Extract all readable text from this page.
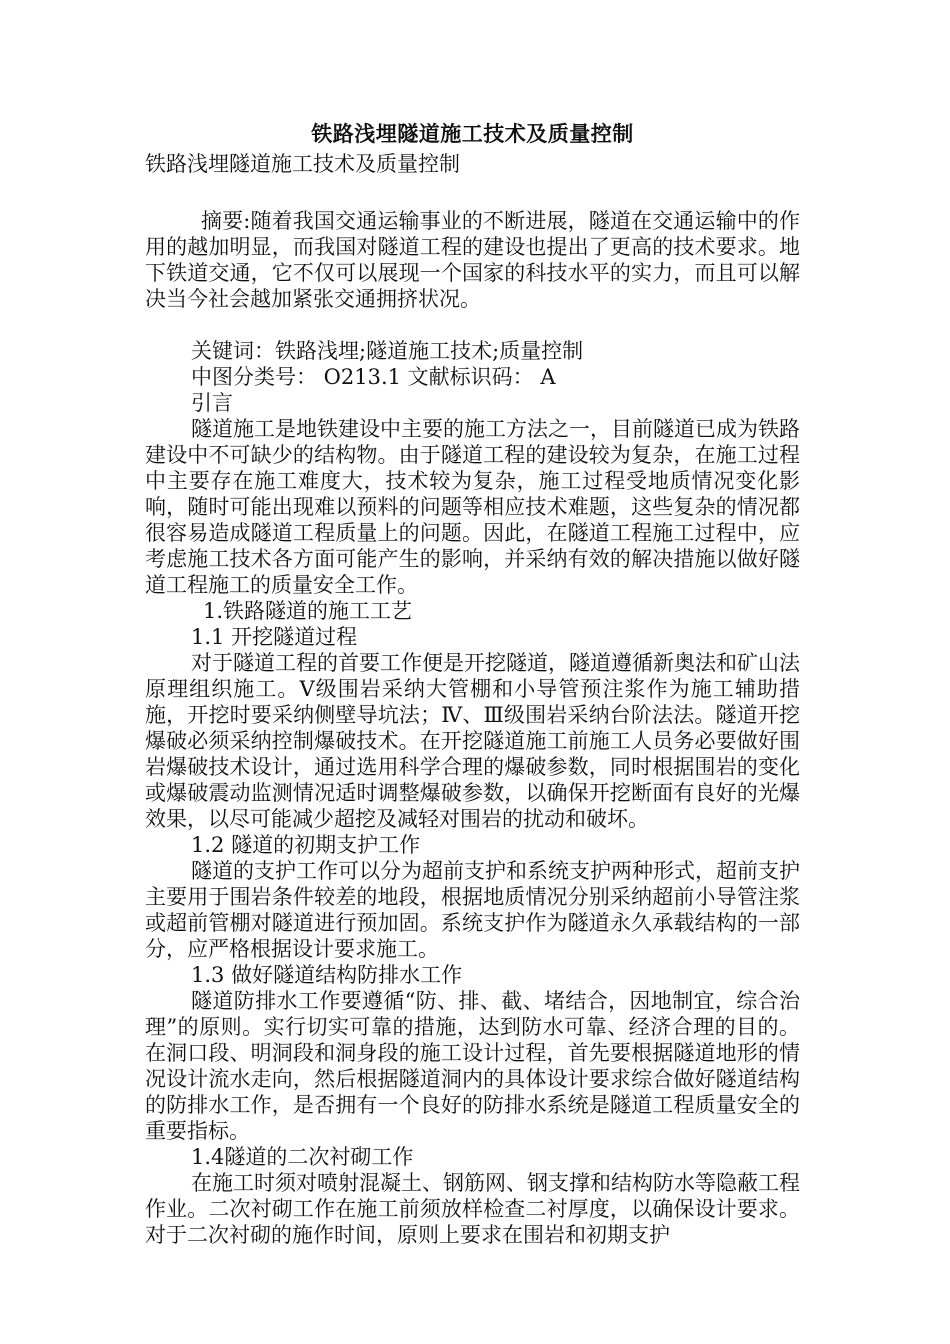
铁路浅埋隧道施工技术及质量控制
铁路浅埋隧道施工技术及质量控制

摘要:随着我国交通运输事业的不断进展，隧道在交通运输中的作用的越加明显，而我国对隧道工程的建设也提出了更高的技术要求。地下铁道交通，它不仅可以展现一个国家的科技水平的实力，而且可以解决当今社会越加紧张交通拥挤状况。

关键词：铁路浅埋;隧道施工技术;质量控制

中图分类号： O213.1 文献标识码： A

引言

隧道施工是地铁建设中主要的施工方法之一，目前隧道已成为铁路建设中不可缺少的结构物。由于隧道工程的建设较为复杂，在施工过程中主要存在施工难度大，技术较为复杂，施工过程受地质情况变化影响，随时可能出现难以预料的问题等相应技术难题，这些复杂的情况都很容易造成隧道工程质量上的问题。因此，在隧道工程施工过程中，应考虑施工技术各方面可能产生的影响，并采纳有效的解决措施以做好隧道工程施工的质量安全工作。

1.铁路隧道的施工工艺

1.1 开挖隧道过程

对于隧道工程的首要工作便是开挖隧道，隧道遵循新奥法和矿山法原理组织施工。Ⅴ级围岩采纳大管棚和小导管预注浆作为施工辅助措施，开挖时要采纳侧壁导坑法；Ⅳ、Ⅲ级围岩采纳台阶法法。隧道开挖爆破必须采纳控制爆破技术。在开挖隧道施工前施工人员务必要做好围岩爆破技术设计，通过选用科学合理的爆破参数，同时根据围岩的变化或爆破震动监测情况适时调整爆破参数，以确保开挖断面有良好的光爆效果，以尽可能减少超挖及减轻对围岩的扰动和破坏。

1.2 隧道的初期支护工作

隧道的支护工作可以分为超前支护和系统支护两种形式，超前支护主要用于围岩条件较差的地段，根据地质情况分别采纳超前小导管注浆或超前管棚对隧道进行预加固。系统支护作为隧道永久承载结构的一部分，应严格根据设计要求施工。

1.3 做好隧道结构防排水工作

隧道防排水工作要遵循“防、排、截、堵结合，因地制宜，综合治理”的原则。实行切实可靠的措施，达到防水可靠、经济合理的目的。在洞口段、明洞段和洞身段的施工设计过程，首先要根据隧道地形的情况设计流水走向，然后根据隧道洞内的具体设计要求综合做好隧道结构的防排水工作，是否拥有一个良好的防排水系统是隧道工程质量安全的重要指标。

1.4隧道的二次衬砌工作

在施工时须对喷射混凝土、钢筋网、钢支撑和结构防水等隐蔽工程作业。二次衬砌工作在施工前须放样检查二衬厚度，以确保设计要求。对于二次衬砌的施作时间，原则上要求在围岩和初期支护
